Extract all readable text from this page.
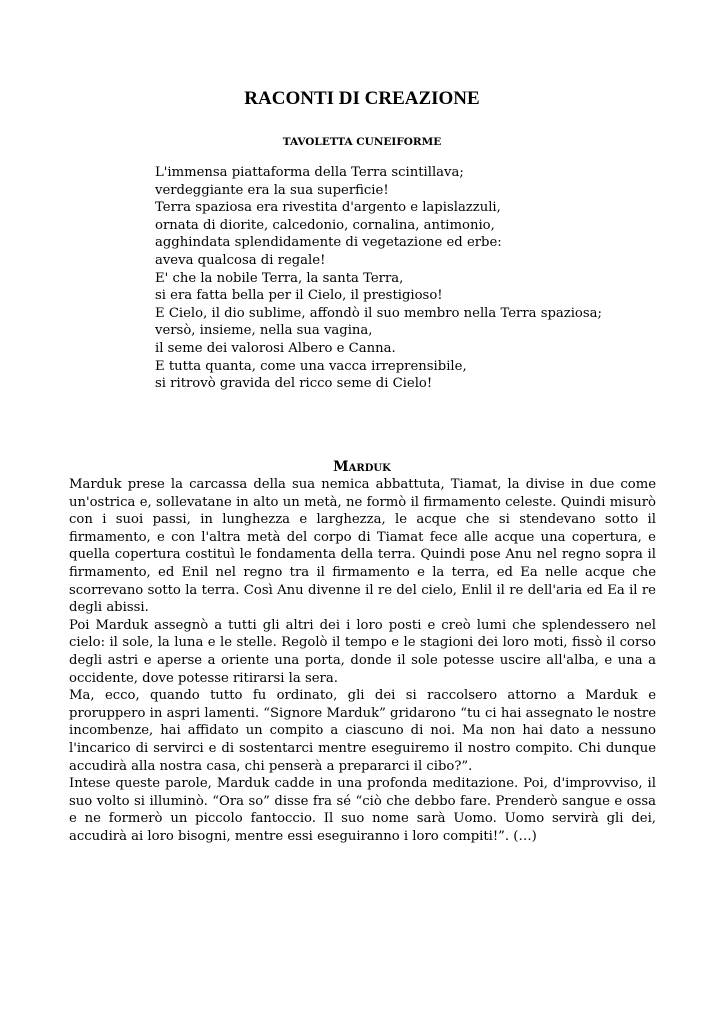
RACONTI DI CREAZIONE
TAVOLETTA CUNEIFORME
L'immensa piattaforma della Terra scintillava;
verdeggiante era la sua superficie!
Terra spaziosa era rivestita d'argento e lapislazzuli,
ornata di diorite, calcedonio, cornalina, antimonio,
agghindata splendidamente di vegetazione ed erbe:
aveva qualcosa di regale!
E' che la nobile Terra, la santa Terra,
si era fatta bella per il Cielo, il prestigioso!
E Cielo, il dio sublime, affondò il suo membro nella Terra spaziosa;
versò, insieme, nella sua vagina,
il seme dei valorosi Albero e Canna.
E tutta quanta, come una vacca irreprensibile,
si ritrovò gravida del ricco seme di Cielo!
Marduk

Marduk prese la carcassa della sua nemica abbattuta, Tiamat, la divise in due come un'ostrica e, sollevatane in alto un metà, ne formò il firmamento celeste. Quindi misurò con i suoi passi, in lunghezza e larghezza, le acque che si stendevano sotto il firmamento, e con l'altra metà del corpo di Tiamat fece alle acque una copertura, e quella copertura costituì le fondamenta della terra. Quindi pose Anu nel regno sopra il firmamento, ed Enil nel regno tra il firmamento e la terra, ed Ea nelle acque che scorrevano sotto la terra. Così Anu divenne il re del cielo, Enlil il re dell'aria ed Ea il re degli abissi.

Poi Marduk assegnò a tutti gli altri dei i loro posti e creò lumi che splendessero nel cielo: il sole, la luna e le stelle. Regolò il tempo e le stagioni dei loro moti, fissò il corso degli astri e aperse a oriente una porta, donde il sole potesse uscire all'alba, e una a occidente, dove potesse ritirarsi la sera.

Ma, ecco, quando tutto fu ordinato, gli dei si raccolsero attorno a Marduk e proruppero in aspri lamenti. “Signore Marduk” gridarono “tu ci hai assegnato le nostre incombenze, hai affidato un compito a ciascuno di noi. Ma non hai dato a nessuno l'incarico di servirci e di sostentarci mentre eseguiremo il nostro compito. Chi dunque accudirà alla nostra casa, chi penserà a prepararci il cibo?”.

Intese queste parole, Marduk cadde in una profonda meditazione. Poi, d'improvviso, il suo volto si illuminò. “Ora so” disse fra sé “ciò che debbo fare. Prenderò sangue e ossa e ne formerò un piccolo fantoccio. Il suo nome sarà Uomo. Uomo servirà gli dei, accudirà ai loro bisogni, mentre essi eseguiranno i loro compiti!”. (…)
